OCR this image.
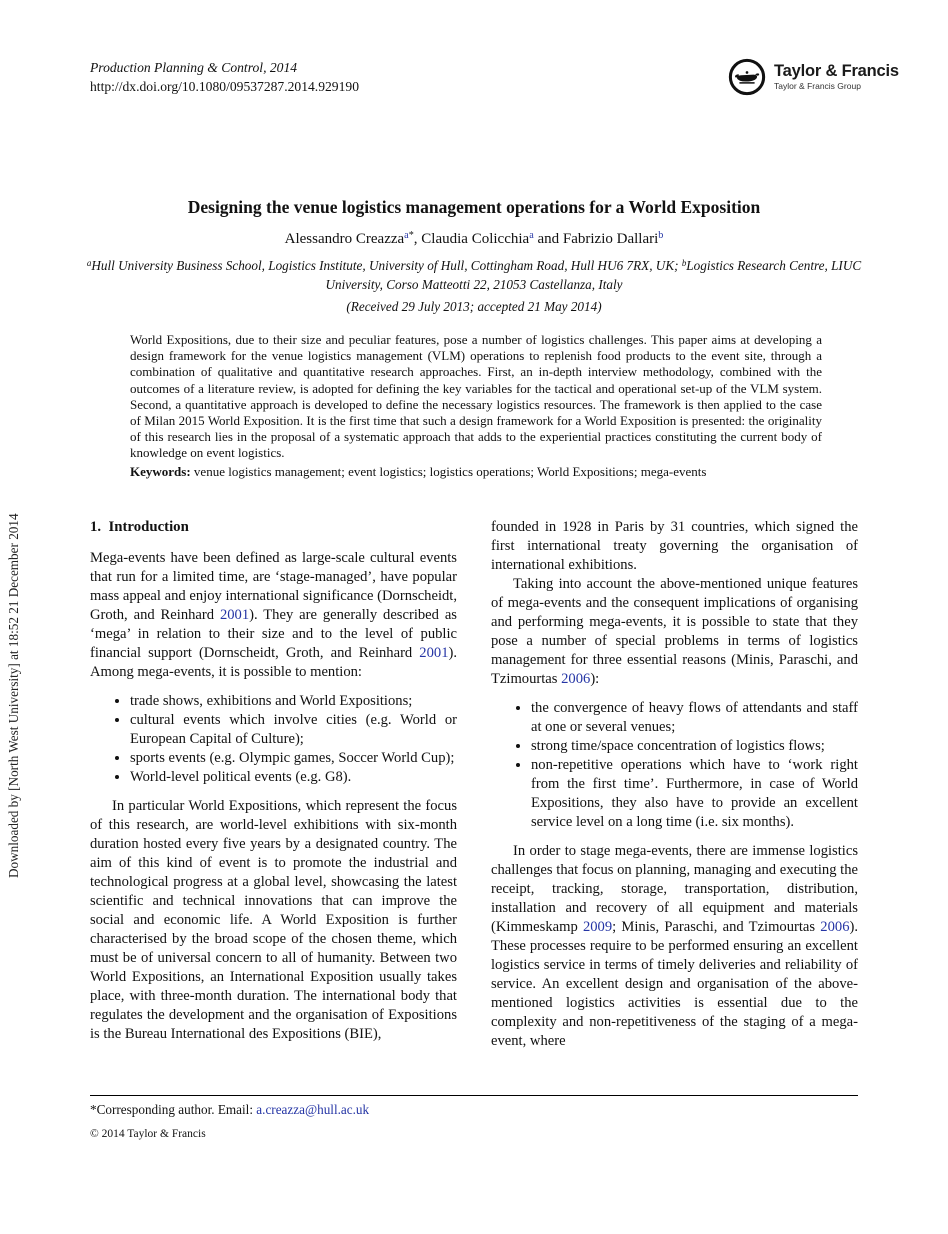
Downloaded by [North West University] at 18:52 21 December 2014
Production Planning & Control, 2014
http://dx.doi.org/10.1080/09537287.2014.929190
Taylor & Francis
Taylor & Francis Group
Designing the venue logistics management operations for a World Exposition
Alessandro Creazza$^{a*}$, Claudia Colicchia$^a$ and Fabrizio Dallari$^b$
$^a$Hull University Business School, Logistics Institute, University of Hull, Cottingham Road, Hull HU6 7RX, UK; $^b$Logistics Research Centre, LIUC University, Corso Matteotti 22, 21053 Castellanza, Italy
(Received 29 July 2013; accepted 21 May 2014)
World Expositions, due to their size and peculiar features, pose a number of logistics challenges. This paper aims at developing a design framework for the venue logistics management (VLM) operations to replenish food products to the event site, through a combination of qualitative and quantitative research approaches. First, an in-depth interview methodology, combined with the outcomes of a literature review, is adopted for defining the key variables for the tactical and operational set-up of the VLM system. Second, a quantitative approach is developed to define the necessary logistics resources. The framework is then applied to the case of Milan 2015 World Exposition. It is the first time that such a design framework for a World Exposition is presented: the originality of this research lies in the proposal of a systematic approach that adds to the experiential practices constituting the current body of knowledge on event logistics.
Keywords: venue logistics management; event logistics; logistics operations; World Expositions; mega-events
1.  Introduction

Mega-events have been defined as large-scale cultural events that run for a limited time, are ‘stage-managed’, have popular mass appeal and enjoy international significance (Dornscheidt, Groth, and Reinhard 2001). They are generally described as ‘mega’ in relation to their size and to the level of public financial support (Dornscheidt, Groth, and Reinhard 2001). Among mega-events, it is possible to mention:

• trade shows, exhibitions and World Expositions;
• cultural events which involve cities (e.g. World or European Capital of Culture);
• sports events (e.g. Olympic games, Soccer World Cup);
• World-level political events (e.g. G8).

In particular World Expositions, which represent the focus of this research, are world-level exhibitions with six-month duration hosted every five years by a designated country. The aim of this kind of event is to promote the industrial and technological progress at a global level, showcasing the latest scientific and technical innovations that can improve the social and economic life. A World Exposition is further characterised by the broad scope of the chosen theme, which must be of universal concern to all of humanity. Between two World Expositions, an International Exposition usually takes place, with three-month duration. The international body that regulates the development and the organisation of Expositions is the Bureau International des Expositions (BIE),

founded in 1928 in Paris by 31 countries, which signed the first international treaty governing the organisation of international exhibitions.

Taking into account the above-mentioned unique features of mega-events and the consequent implications of organising and performing mega-events, it is possible to state that they pose a number of special problems in terms of logistics management for three essential reasons (Minis, Paraschi, and Tzimourtas 2006):

• the convergence of heavy flows of attendants and staff at one or several venues;
• strong time/space concentration of logistics flows;
• non-repetitive operations which have to ‘work right from the first time’. Furthermore, in case of World Expositions, they also have to provide an excellent service level on a long time (i.e. six months).

In order to stage mega-events, there are immense logistics challenges that focus on planning, managing and executing the receipt, tracking, storage, transportation, distribution, installation and recovery of all equipment and materials (Kimmeskamp 2009; Minis, Paraschi, and Tzimourtas 2006). These processes require to be performed ensuring an excellent logistics service in terms of timely deliveries and reliability of service. An excellent design and organisation of the above-mentioned logistics activities is essential due to the complexity and non-repetitiveness of the staging of a mega-event, where

*Corresponding author. Email: a.creazza@hull.ac.uk
© 2014 Taylor & Francis
